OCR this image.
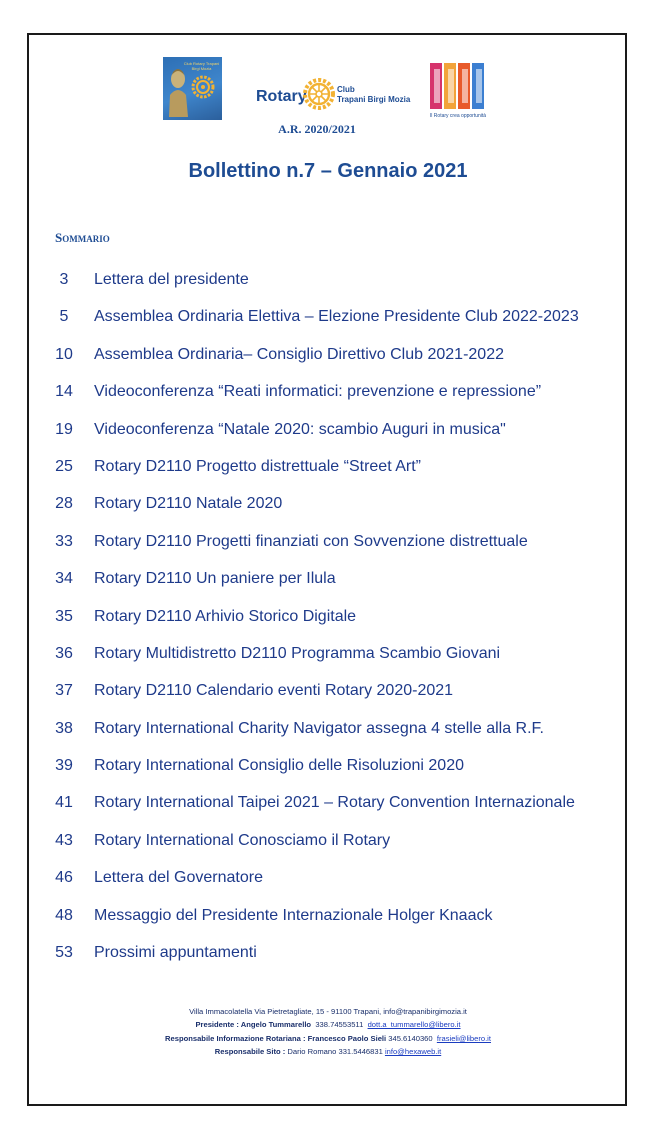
Club Rotary Trapani Birgi Mozia
Rotary	Club
Trapani Birgi Mozia
A.R. 2020/2021
Il Rotary crea opportunità
Bollettino n.7 – Gennaio 2021
Sommario
3	Lettera del presidente
5	Assemblea Ordinaria Elettiva – Elezione Presidente Club 2022-2023
10 Assemblea Ordinaria– Consiglio Direttivo Club 2021-2022
14 Videoconferenza “Reati informatici: prevenzione e repressione”
19 Videoconferenza “Natale 2020: scambio Auguri in musica"
25 Rotary D2110 Progetto distrettuale “Street Art”
28 Rotary D2110 Natale 2020
33 Rotary D2110 Progetti finanziati con Sovvenzione distrettuale
34 Rotary D2110 Un paniere per Ilula
35 Rotary D2110 Arhivio Storico Digitale
36 Rotary Multidistretto D2110 Programma Scambio Giovani
37 Rotary D2110 Calendario eventi Rotary 2020-2021
38 Rotary International Charity Navigator assegna 4 stelle alla R.F.
39 Rotary International Consiglio delle Risoluzioni 2020
41 Rotary International Taipei 2021 – Rotary Convention Internazionale
43 Rotary International Conosciamo il Rotary
46 Lettera del Governatore
48 Messaggio del Presidente Internazionale Holger Knaack
53 Prossimi appuntamenti
Villa Immacolatella Via Pietretagliate, 15 - 91100 Trapani, info@trapanibirgimozia.it
Presidente : Angelo Tummarello 338.74553511 dott.a_tummarello@libero.it
Responsabile Informazione Rotariana : Francesco Paolo Sieli 345.6140360 frasieli@libero.it
Responsabile Sito : Dario Romano 331.5446831 info@hexaweb.it
